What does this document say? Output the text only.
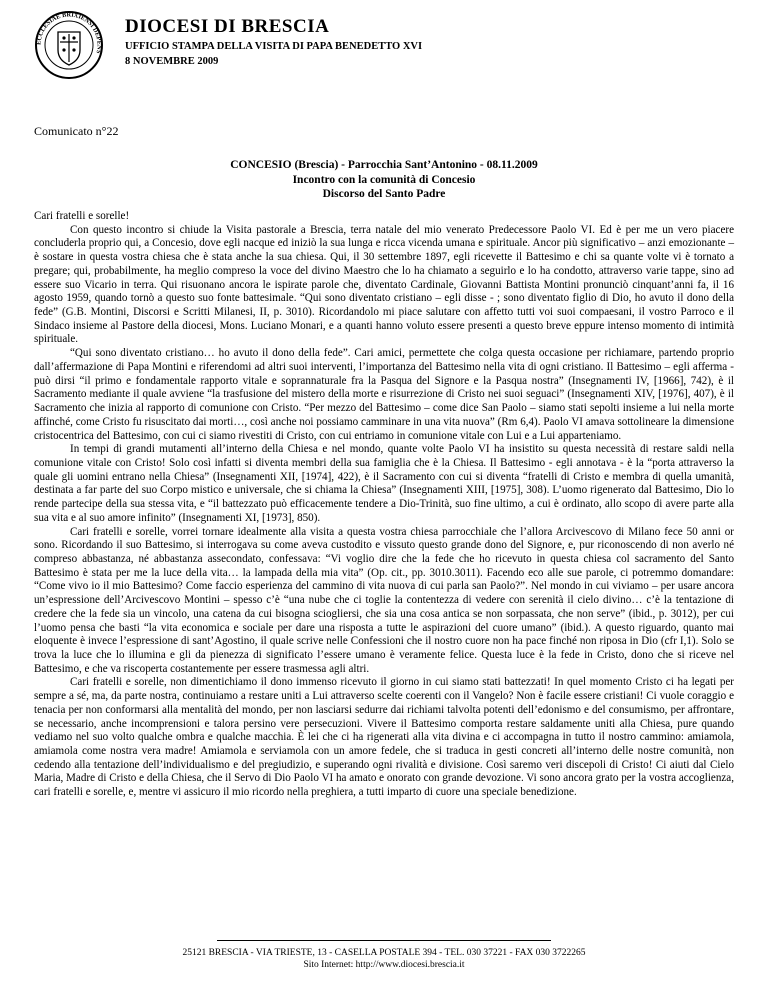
ECCLESIAE BRIXIENSI DEPENS
DIOCESI DI BRESCIA
UFFICIO STAMPA DELLA VISITA DI PAPA BENEDETTO XVI
8 NOVEMBRE 2009
Comunicato n°22
CONCESIO (Brescia) - Parrocchia Sant’Antonino - 08.11.2009
Incontro con la comunità di Concesio
Discorso del Santo Padre

Cari fratelli e sorelle!

Con questo incontro si chiude la Visita pastorale a Brescia, terra natale del mio venerato Predecessore Paolo VI. Ed è per me un vero piacere concluderla proprio qui, a Concesio, dove egli nacque ed iniziò la sua lunga e ricca vicenda umana e spirituale. Ancor più significativo – anzi emozionante – è sostare in questa vostra chiesa che è stata anche la sua chiesa. Qui, il 30 settembre 1897, egli ricevette il Battesimo e chi sa quante volte vi è tornato a pregare; qui, probabilmente, ha meglio compreso la voce del divino Maestro che lo ha chiamato a seguirlo e lo ha condotto, attraverso varie tappe, sino ad essere suo Vicario in terra. Qui risuonano ancora le ispirate parole che, diventato Cardinale, Giovanni Battista Montini pronunciò cinquant’anni fa, il 16 agosto 1959, quando tornò a questo suo fonte battesimale. “Qui sono diventato cristiano – egli disse - ; sono diventato figlio di Dio, ho avuto il dono della fede” (G.B. Montini, Discorsi e Scritti Milanesi, II, p. 3010). Ricordandolo mi piace salutare con affetto tutti voi suoi compaesani, il vostro Parroco e il Sindaco insieme al Pastore della diocesi, Mons. Luciano Monari, e a quanti hanno voluto essere presenti a questo breve eppure intenso momento di intimità spirituale.

“Qui sono diventato cristiano… ho avuto il dono della fede”. Cari amici, permettete che colga questa occasione per richiamare, partendo proprio dall’affermazione di Papa Montini e riferendomi ad altri suoi interventi, l’importanza del Battesimo nella vita di ogni cristiano. Il Battesimo – egli afferma - può dirsi “il primo e fondamentale rapporto vitale e soprannaturale fra la Pasqua del Signore e la Pasqua nostra” (Insegnamenti IV, [1966], 742), è il Sacramento mediante il quale avviene “la trasfusione del mistero della morte e risurrezione di Cristo nei suoi seguaci” (Insegnamenti XIV, [1976], 407), è il Sacramento che inizia al rapporto di comunione con Cristo. “Per mezzo del Battesimo – come dice San Paolo – siamo stati sepolti insieme a lui nella morte affinché, come Cristo fu risuscitato dai morti…, così anche noi possiamo camminare in una vita nuova” (Rm 6,4). Paolo VI amava sottolineare la dimensione cristocentrica del Battesimo, con cui ci siamo rivestiti di Cristo, con cui entriamo in comunione vitale con Lui e a Lui apparteniamo.

In tempi di grandi mutamenti all’interno della Chiesa e nel mondo, quante volte Paolo VI ha insistito su questa necessità di restare saldi nella comunione vitale con Cristo! Solo così infatti si diventa membri della sua famiglia che è la Chiesa. Il Battesimo - egli annotava - è la “porta attraverso la quale gli uomini entrano nella Chiesa” (Insegnamenti XII, [1974], 422), è il Sacramento con cui si diventa “fratelli di Cristo e membra di quella umanità, destinata a far parte del suo Corpo mistico e universale, che si chiama la Chiesa” (Insegnamenti XIII, [1975], 308). L’uomo rigenerato dal Battesimo, Dio lo rende partecipe della sua stessa vita, e “il battezzato può efficacemente tendere a Dio-Trinità, suo fine ultimo, a cui è ordinato, allo scopo di avere parte alla sua vita e al suo amore infinito” (Insegnamenti XI, [1973], 850).

Cari fratelli e sorelle, vorrei tornare idealmente alla visita a questa vostra chiesa parrocchiale che l’allora Arcivescovo di Milano fece 50 anni or sono. Ricordando il suo Battesimo, si interrogava su come aveva custodito e vissuto questo grande dono del Signore, e, pur riconoscendo di non averlo né compreso abbastanza, né abbastanza assecondato, confessava: “Vi voglio dire che la fede che ho ricevuto in questa chiesa col sacramento del Santo Battesimo è stata per me la luce della vita… la lampada della mia vita” (Op. cit., pp. 3010.3011). Facendo eco alle sue parole, ci potremmo domandare: “Come vivo io il mio Battesimo? Come faccio esperienza del cammino di vita nuova di cui parla san Paolo?”. Nel mondo in cui viviamo – per usare ancora un’espressione dell’Arcivescovo Montini – spesso c’è “una nube che ci toglie la contentezza di vedere con serenità il cielo divino… c’è la tentazione di credere che la fede sia un vincolo, una catena da cui bisogna sciogliersi, che sia una cosa antica se non sorpassata, che non serve” (ibid., p. 3012), per cui l’uomo pensa che basti “la vita economica e sociale per dare una risposta a tutte le aspirazioni del cuore umano” (ibid.). A questo riguardo, quanto mai eloquente è invece l’espressione di sant’Agostino, il quale scrive nelle Confessioni che il nostro cuore non ha pace finché non riposa in Dio (cfr I,1). Solo se trova la luce che lo illumina e gli da pienezza di significato l’essere umano è veramente felice. Questa luce è la fede in Cristo, dono che si riceve nel Battesimo, e che va riscoperta costantemente per essere trasmessa agli altri.

Cari fratelli e sorelle, non dimentichiamo il dono immenso ricevuto il giorno in cui siamo stati battezzati! In quel momento Cristo ci ha legati per sempre a sé, ma, da parte nostra, continuiamo a restare uniti a Lui attraverso scelte coerenti con il Vangelo? Non è facile essere cristiani! Ci vuole coraggio e tenacia per non conformarsi alla mentalità del mondo, per non lasciarsi sedurre dai richiami talvolta potenti dell’edonismo e del consumismo, per affrontare, se necessario, anche incomprensioni e talora persino vere persecuzioni. Vivere il Battesimo comporta restare saldamente uniti alla Chiesa, pure quando vediamo nel suo volto qualche ombra e qualche macchia. È lei che ci ha rigenerati alla vita divina e ci accompagna in tutto il nostro cammino: amiamola, amiamola come nostra vera madre! Amiamola e serviamola con un amore fedele, che si traduca in gesti concreti all’interno delle nostre comunità, non cedendo alla tentazione dell’individualismo e del pregiudizio, e superando ogni rivalità e divisione. Così saremo veri discepoli di Cristo! Ci aiuti dal Cielo Maria, Madre di Cristo e della Chiesa, che il Servo di Dio Paolo VI ha amato e onorato con grande devozione. Vi sono ancora grato per la vostra accoglienza, cari fratelli e sorelle, e, mentre vi assicuro il mio ricordo nella preghiera, a tutti imparto di cuore una speciale benedizione.

25121 BRESCIA - VIA TRIESTE, 13 - CASELLA POSTALE 394 - TEL. 030 37221 - FAX 030 3722265
Sito Internet: http://www.diocesi.brescia.it
